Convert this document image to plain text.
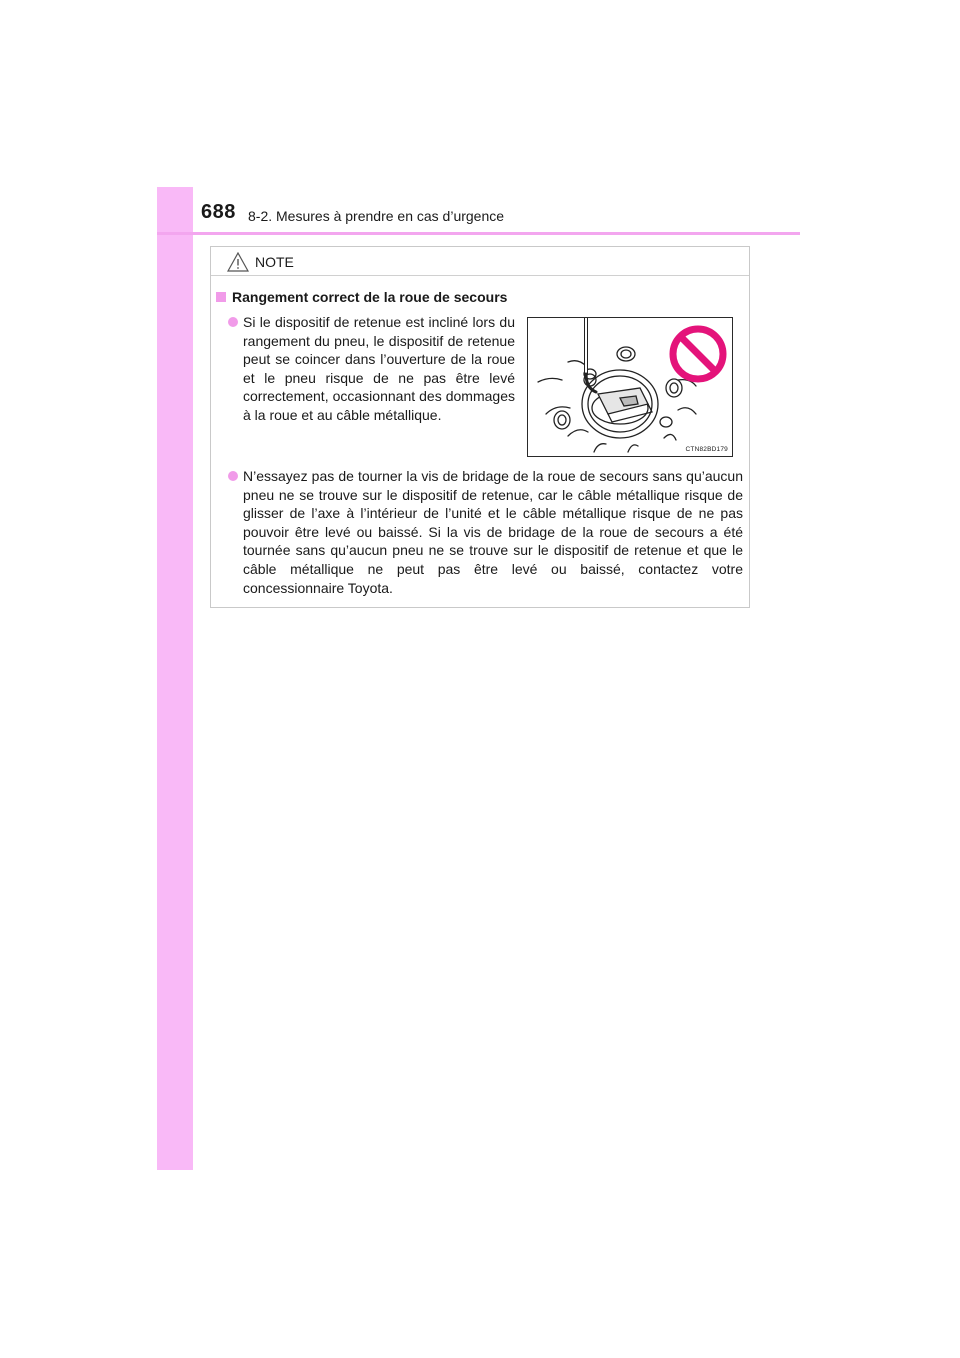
688 8-2. Mesures à prendre en cas d’urgence
NOTE
Rangement correct de la roue de secours
Si le dispositif de retenue est incliné lors du rangement du pneu, le dispositif de retenue peut se coincer dans l’ouverture de la roue et le pneu risque de ne pas être levé correctement, occasionnant des dommages à la roue et au câble métallique.
CTN82BD179
N’essayez pas de tourner la vis de bridage de la roue de secours sans qu’aucun pneu ne se trouve sur le dispositif de retenue, car le câble métallique risque de glisser de l’axe à l’intérieur de l’unité et le câble métallique risque de ne pas pouvoir être levé ou baissé. Si la vis de bridage de la roue de secours a été tournée sans qu’aucun pneu ne se trouve sur le dispositif de retenue et que le câble métallique ne peut pas être levé ou baissé, contactez votre concessionnaire Toyota.
